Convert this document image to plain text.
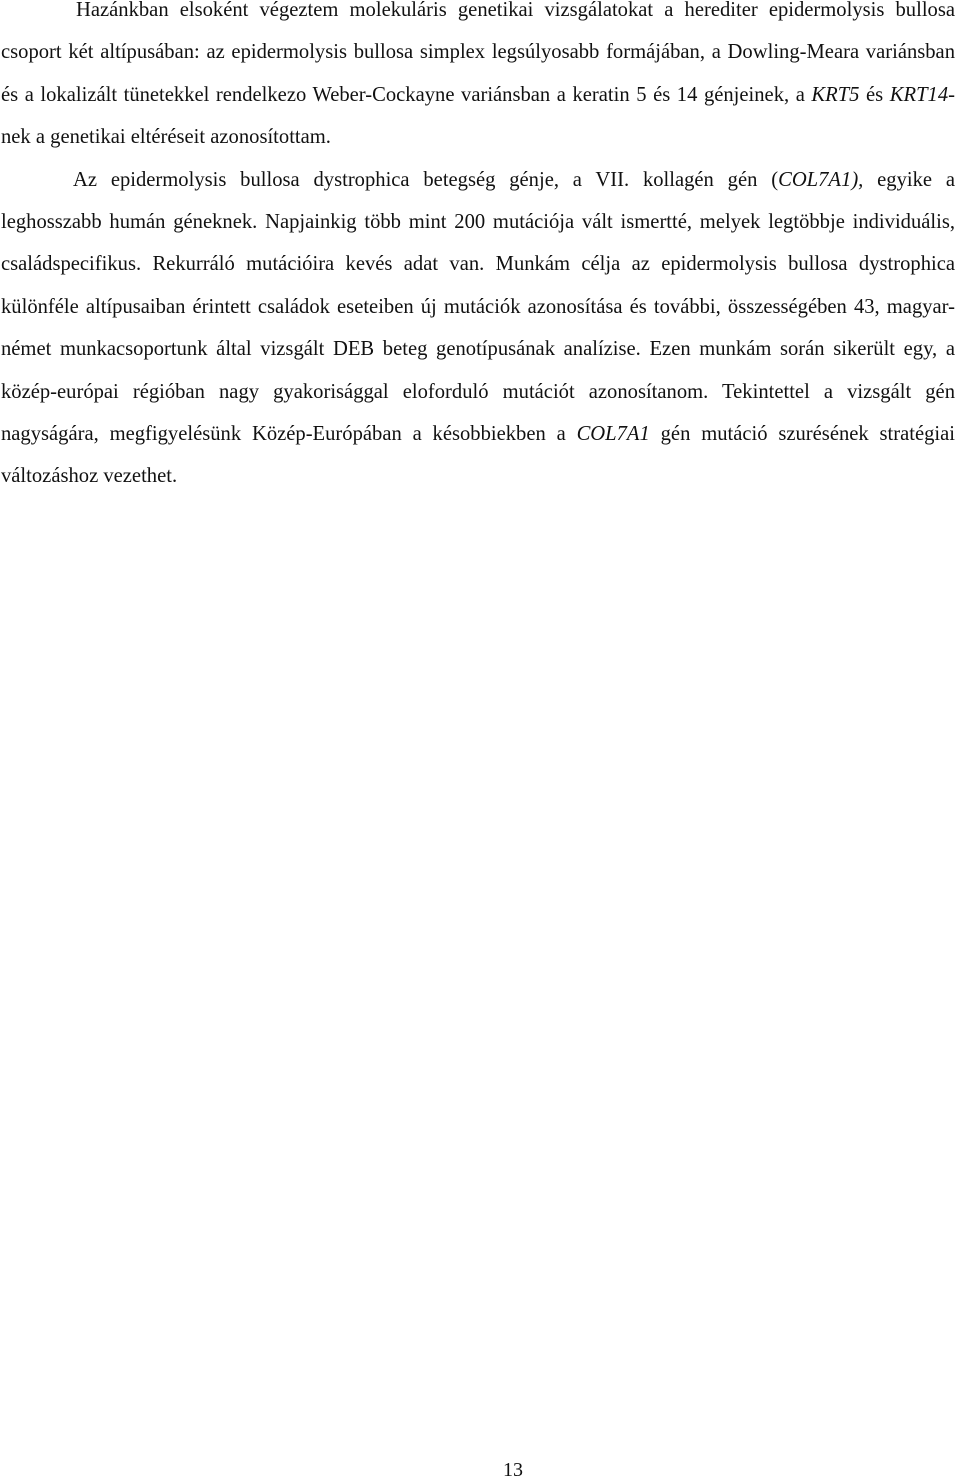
Hazánkban elsoként végeztem molekuláris genetikai vizsgálatokat a herediter epidermolysis bullosa csoport két altípusában: az epidermolysis bullosa simplex legsúlyosabb formájában, a Dowling-Meara variánsban és a lokalizált tünetekkel rendelkezo Weber-Cockayne variánsban a keratin 5 és 14 génjeinek, a KRT5 és KRT14-nek a genetikai eltéréseit azonosítottam.

Az epidermolysis bullosa dystrophica betegség génje, a VII. kollagén gén (COL7A1), egyike a leghosszabb humán géneknek. Napjainkig több mint 200 mutációja vált ismertté, melyek legtöbbje individuális, családspecifikus. Rekurráló mutációira kevés adat van. Munkám célja az epidermolysis bullosa dystrophica különféle altípusaiban érintett családok eseteiben új mutációk azonosítása és további, összességében 43, magyar-német munkacsoportunk által vizsgált DEB beteg genotípusának analízise. Ezen munkám során sikerült egy, a közép-európai régióban nagy gyakorisággal eloforduló mutációt azonosítanom. Tekintettel a vizsgált gén nagyságára, megfigyelésünk Közép-Európában a késobbiekben a COL7A1 gén mutáció szurésének stratégiai változáshoz vezethet.

13
